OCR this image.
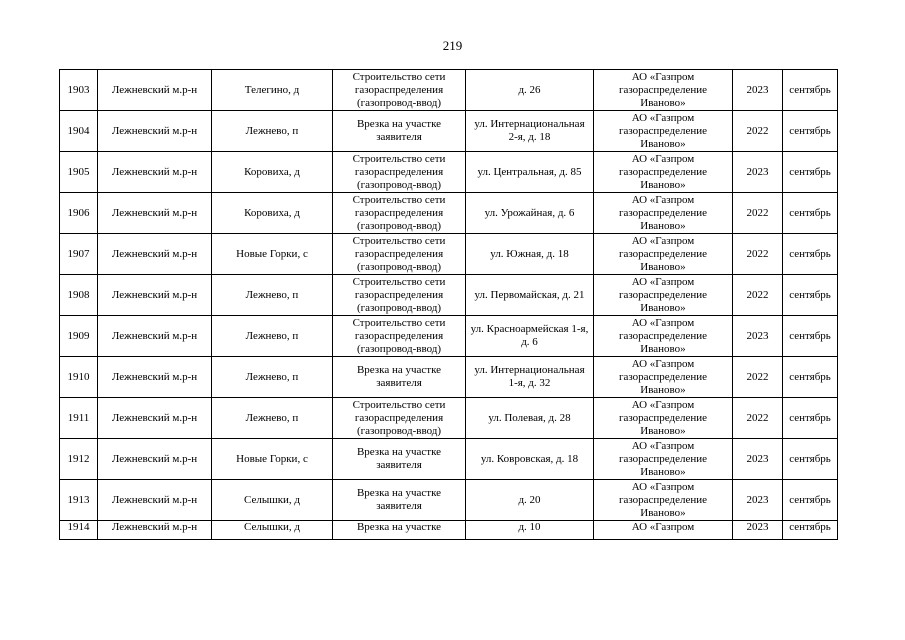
219
1903	Лежневский м.р-н	Телегино, д	Строительство сети газораспределения (газопровод-ввод)	д. 26	АО «Газпром газораспределение Иваново»	2023	сентябрь
1904	Лежневский м.р-н	Лежнево, п	Врезка на участке заявителя	ул. Интернациональная 2-я, д. 18	АО «Газпром газораспределение Иваново»	2022	сентябрь
1905	Лежневский м.р-н	Коровиха, д	Строительство сети газораспределения (газопровод-ввод)	ул. Центральная, д. 85	АО «Газпром газораспределение Иваново»	2023	сентябрь
1906	Лежневский м.р-н	Коровиха, д	Строительство сети газораспределения (газопровод-ввод)	ул. Урожайная, д. 6	АО «Газпром газораспределение Иваново»	2022	сентябрь
1907	Лежневский м.р-н	Новые Горки, с	Строительство сети газораспределения (газопровод-ввод)	ул. Южная, д. 18	АО «Газпром газораспределение Иваново»	2022	сентябрь
1908	Лежневский м.р-н	Лежнево, п	Строительство сети газораспределения (газопровод-ввод)	ул. Первомайская, д. 21	АО «Газпром газораспределение Иваново»	2022	сентябрь
1909	Лежневский м.р-н	Лежнево, п	Строительство сети газораспределения (газопровод-ввод)	ул. Красноармейская 1-я, д. 6	АО «Газпром газораспределение Иваново»	2023	сентябрь
1910	Лежневский м.р-н	Лежнево, п	Врезка на участке заявителя	ул. Интернациональная 1-я, д. 32	АО «Газпром газораспределение Иваново»	2022	сентябрь
1911	Лежневский м.р-н	Лежнево, п	Строительство сети газораспределения (газопровод-ввод)	ул. Полевая, д. 28	АО «Газпром газораспределение Иваново»	2022	сентябрь
1912	Лежневский м.р-н	Новые Горки, с	Врезка на участке заявителя	ул. Ковровская, д. 18	АО «Газпром газораспределение Иваново»	2023	сентябрь
1913	Лежневский м.р-н	Селышки, д	Врезка на участке заявителя	д. 20	АО «Газпром газораспределение Иваново»	2023	сентябрь
1914	Лежневский м.р-н	Селышки, д	Врезка на участке	д. 10	АО «Газпром	2023	сентябрь
